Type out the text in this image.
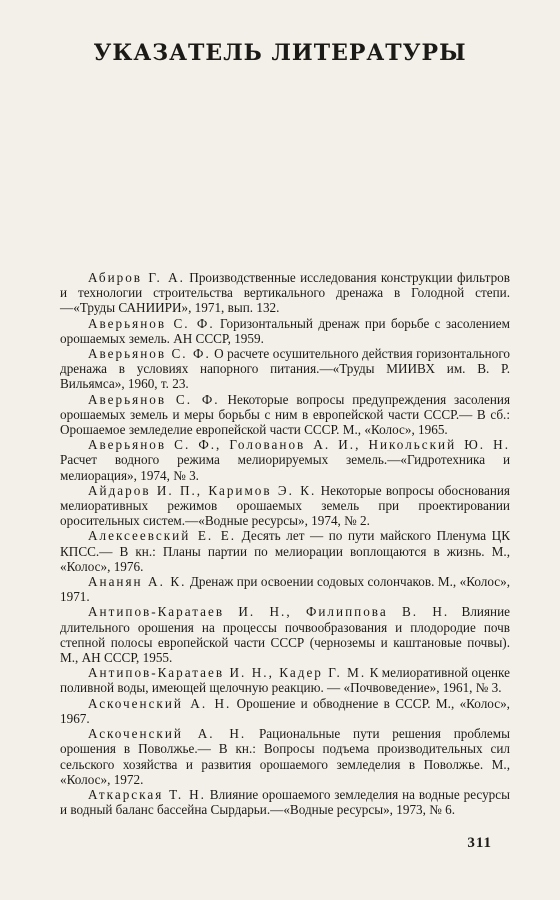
УКАЗАТЕЛЬ ЛИТЕРАТУРЫ
Абиров Г. А. Производственные исследования конструкции фильтров и технологии строительства вертикального дренажа в Голодной степи.—«Труды САНИИРИ», 1971, вып. 132.
Аверьянов С. Ф. Горизонтальный дренаж при борьбе с засолением орошаемых земель. АН СССР, 1959.
Аверьянов С. Ф. О расчете осушительного действия горизонтального дренажа в условиях напорного питания.—«Труды МИИВХ им. В. Р. Вильямса», 1960, т. 23.
Аверьянов С. Ф. Некоторые вопросы предупреждения засоления орошаемых земель и меры борьбы с ним в европейской части СССР.— В сб.: Орошаемое земледелие европейской части СССР. М., «Колос», 1965.
Аверьянов С. Ф., Голованов А. И., Никольский Ю. Н. Расчет водного режима мелиорируемых земель.—«Гидротехника и мелиорация», 1974, № 3.
Айдаров И. П., Каримов Э. К. Некоторые вопросы обоснования мелиоративных режимов орошаемых земель при проектировании оросительных систем.—«Водные ресурсы», 1974, № 2.
Алексеевский Е. Е. Десять лет — по пути майского Пленума ЦК КПСС.— В кн.: Планы партии по мелиорации воплощаются в жизнь. М., «Колос», 1976.
Ананян А. К. Дренаж при освоении содовых солончаков. М., «Колос», 1971.
Антипов-Каратаев И. Н., Филиппова В. Н. Влияние длительного орошения на процессы почвообразования и плодородие почв степной полосы европейской части СССР (черноземы и каштановые почвы). М., АН СССР, 1955.
Антипов-Каратаев И. Н., Кадер Г. М. К мелиоративной оценке поливной воды, имеющей щелочную реакцию. — «Почвоведение», 1961, № 3.
Аскоченский А. Н. Орошение и обводнение в СССР. М., «Колос», 1967.
Аскоченский А. Н. Рациональные пути решения проблемы орошения в Поволжье.— В кн.: Вопросы подъема производительных сил сельского хозяйства и развития орошаемого земледелия в Поволжье. М., «Колос», 1972.
Аткарская Т. Н. Влияние орошаемого земледелия на водные ресурсы и водный баланс бассейна Сырдарьи.—«Водные ресурсы», 1973, № 6.
311
